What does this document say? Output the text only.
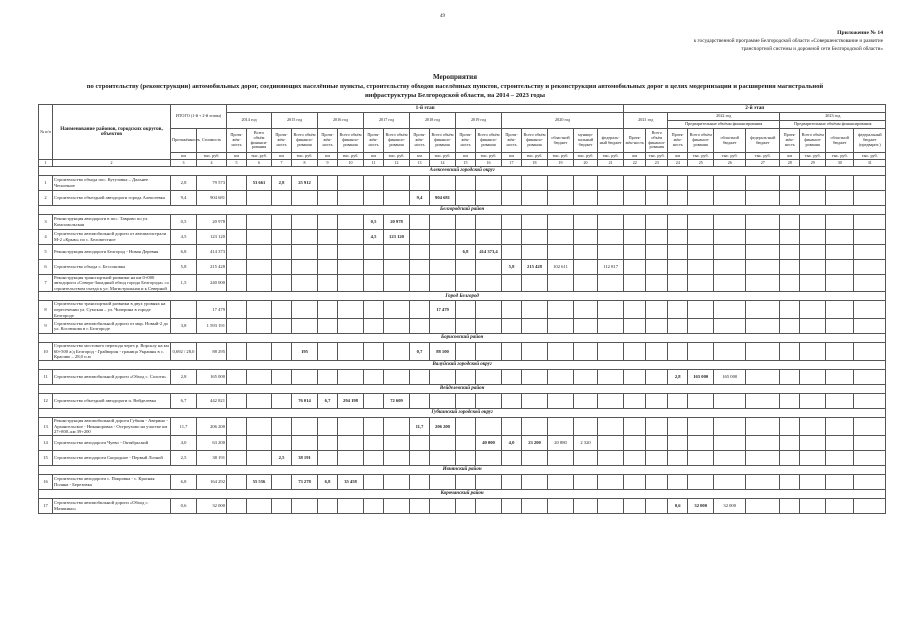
49
Приложение № 14
к государственной программе Белгородской области «Совершенствование и развитие
транспортной системы и дорожной сети Белгородской области»
Мероприятия
по строительству (реконструкции) автомобильных дорог, соединяющих населённые пункты, строительству обходов населённых пунктов, строительству и реконструкция автомобильных дорог в целях модернизации и расширения магистральной
инфраструктуры Белгородской области, на 2014 – 2023 годы
№ п/п	Наименование районов, городских округов, объектов	ИТОГО (1-й + 2-й этапы)		1-й этап																	2-й этап									
				2014 год		2015 год		2016 год		2017 год		2018 год		2019 год		2020 год					2021 год		2022 год				2023 год			
																							Предварительные объёмы финансирования				Предварительные объёмы финансирования			
		Протяжённость	Стоимость	Протя-жён-ность	Всего объём финанси-рования	Протя-жён-ность	Всего объём финанси-рования	Протя-жён-ность	Всего объём финанси-рования	Протя-жён-ность	Всего объём финанси-рования	Протя-жён-ность	Всего объём финанси-рования	Протя-жён-ность	Всего объём финанси-рования	Протя-жён-ность	Всего объём финанси-рования	областной бюджет	муници-пальный бюджет	федераль-ный бюджет	Протя-жён-ность	Всего объём финанси-рования	Протя-жён-ность	Всего объём финанси-рования	областной бюджет	федераль-ный бюджет	Протя-жён-ность	Всего объём финанси-рования	областной бюджет	федеральный бюджет (предварит.)
		км	тыс. руб.	км	тыс. руб.	км	тыс. руб.	км	тыс. руб.	км	тыс. руб.	км	тыс. руб.	км	тыс. руб.	км	тыс. руб.	тыс. руб.	тыс. руб.	тыс. руб.	км	тыс. руб.	км	тыс. руб.	тыс. руб.	тыс. руб.	км	тыс. руб.	тыс. руб.	тыс. руб.
1	2	3	4	5	6	7	8	9	10	11	12	13	14	15	16	17	18	19	20	21	22	23	24	25	26	27	28	29	30	31
Алексеевский городской округ																														
1	Строительство обхода пос. Кутузовка – Дальнее Чесночное	2,8	79 573		53 661	2,8	25 912																							
2	Строительство объездной автодороги города Алексеевка	9,4	904 681									9,4	904 681																	
Белгородский район																														
3	Реконструкция автодороги в пос. Таврово по ул. Комсомольская	0,5	20 978							0,5	20 978																			
4	Строительство автомобильной дороги от автомагистрали М-2 «Крым» по с. Беломестное	4,5	123 120							4,5	123 120																			
5	Реконструкция автодороги Белгород - Новая Деревня	6,8	414 373											6,8	414 373,4															
6	Строительство обхода с. Бессоновка	5,8	215 428													5,8	215 428	102 611		112 817										
7	Реконструкция транспортной развязки на км 0+000 автодороги «Северо-Западный обход города Белгорода» со строительством съезда к ул. Магистральная и к Северной	1,5	240 000																											
Город Белгород																														
8	Строительство транспортной развязки в двух уровнях на пересечении ул. Сумская – ул. Чичерина в городе Белгороде		17 479										17 479																	
9	Строительство автомобильной дороги от мкр. Новый-2 до ул. Костюкова в г. Белгороде	3,8	1 593 191																											
Борисовский район																														
10	Строительство мостового перехода через р. Ворсклу на км 60+500 а/д Белгород - Грайворон - граница Украины в с. Красиво – 28,0 п.м	0,692 / 28,0	88 295				195					0,7	88 100																	
Валуйский городской округ																														
11	Строительство автомобильной дороги «Обход с. Солоти»	2,8	165 000																				2,8	165 000	165 000					
Вейделевский район																														
12	Строительство объездной автодороги п. Вейделевка	6,7	442 821				76 014	6,7	294 198		72 609																			
Губкинский городской округ																														
13	Реконструкция автомобильной дороги Губкин - Аверино - Архангельское - Никаноровка - Остроухово на участке км 27+800–км 39+200	11,7	206 200									11,7	206 200																	
14	Строительство автодороги Чуево - Октябрьский	4,0	63 200												40 000	4,0	23 200	20 880	2 320											
15	Строительство автодороги Скородное - Первый Лозной	2,5	38 191			2,5	38 191																							
Ивнянский район																														
16	Строительство автодороги с. Покровка - с. Красная Поляна - Березовка	6,8	164 292		55 556		73 278	6,8	35 458																					
Корочанский район																														
17	Строительство автомобильной дороги «Обход с. Мазикино»	0,6	32 000																				0,6	32 000	32 000					
